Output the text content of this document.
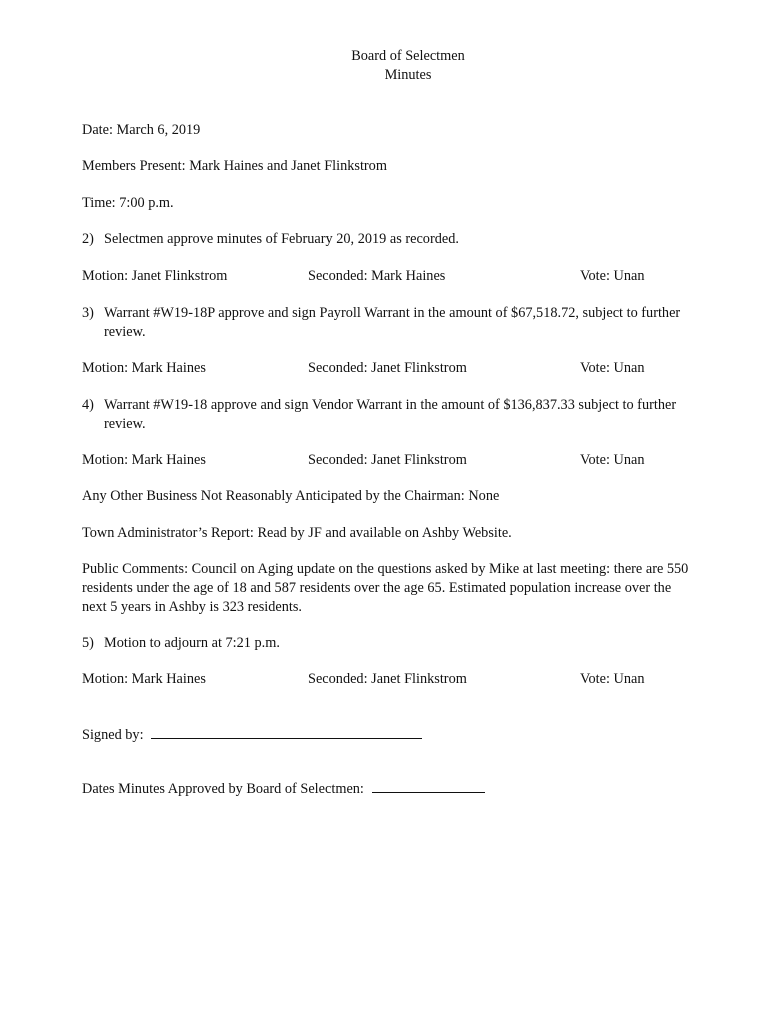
Board of Selectmen
Minutes
Date: March 6, 2019
Members Present: Mark Haines and Janet Flinkstrom
Time: 7:00 p.m.
2) Selectmen approve minutes of February 20, 2019 as recorded.
Motion: Janet Flinkstrom	Seconded: Mark Haines	Vote: Unan
3) Warrant #W19-18P approve and sign Payroll Warrant in the amount of $67,518.72, subject to further review.
Motion: Mark Haines	Seconded: Janet Flinkstrom	Vote: Unan
4) Warrant #W19-18 approve and sign Vendor Warrant in the amount of $136,837.33 subject to further review.
Motion: Mark Haines	Seconded: Janet Flinkstrom	Vote: Unan
Any Other Business Not Reasonably Anticipated by the Chairman: None
Town Administrator’s Report: Read by JF and available on Ashby Website.
Public Comments: Council on Aging update on the questions asked by Mike at last meeting: there are 550 residents under the age of 18 and 587 residents over the age 65. Estimated population increase over the next 5 years in Ashby is 323 residents.
5) Motion to adjourn at 7:21 p.m.
Motion: Mark Haines	Seconded: Janet Flinkstrom	Vote: Unan
Signed by:
Dates Minutes Approved by Board of Selectmen:
